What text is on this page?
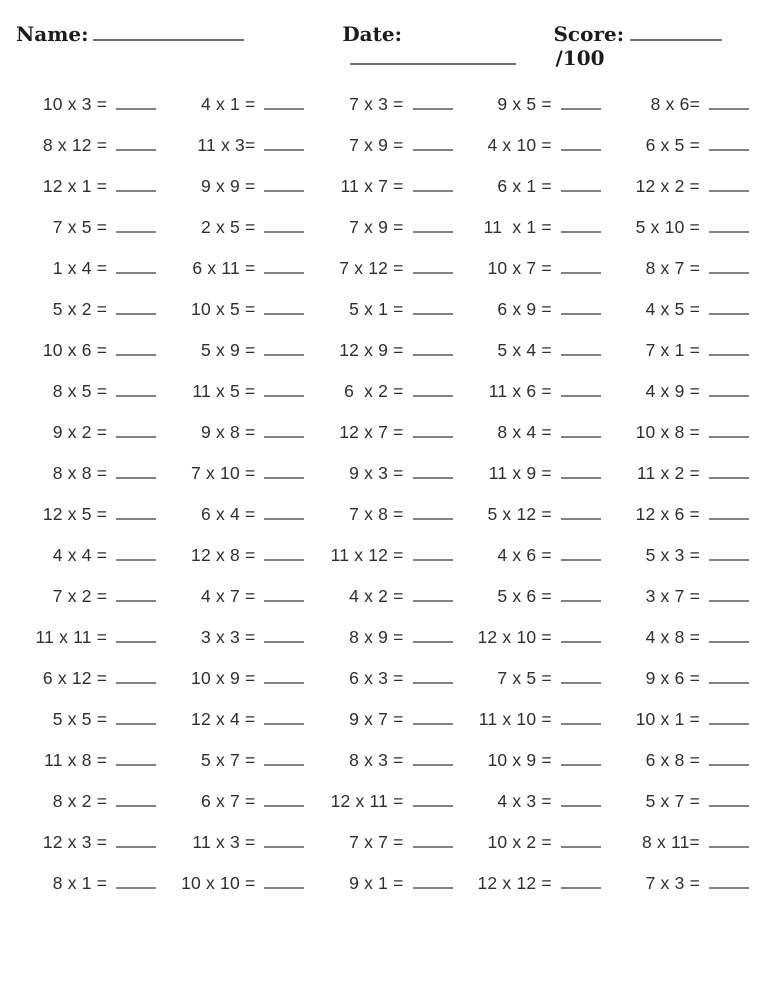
Name:	Date:	Score:/100
10 x 3 =	4 x 1 =	7 x 3 =	9 x 5 =	8 x 6=
8 x 12 =	11 x 3=	7 x 9 =	4 x 10 =	6 x 5 =
12 x 1 =	9 x 9 =	11 x 7 =	6 x 1 =	12 x 2 =
7 x 5 =	2 x 5 =	7 x 9 =	11  x 1 =	5 x 10 =
1 x 4 =	6 x 11 =	7 x 12 =	10 x 7 =	8 x 7 =
5 x 2 =	10 x 5 =	5 x 1 =	6 x 9 =	4 x 5 =
10 x 6 =	5 x 9 =	12 x 9 =	5 x 4 =	7 x 1 =
8 x 5 =	11 x 5 =	6  x 2 =	11 x 6 =	4 x 9 =
9 x 2 =	9 x 8 =	12 x 7 =	8 x 4 =	10 x 8 =
8 x 8 =	7 x 10 =	9 x 3 =	11 x 9 =	11 x 2 =
12 x 5 =	6 x 4 =	7 x 8 =	5 x 12 =	12 x 6 =
4 x 4 =	12 x 8 =	11 x 12 =	4 x 6 =	5 x 3 =
7 x 2 =	4 x 7 =	4 x 2 =	5 x 6 =	3 x 7 =
11 x 11 =	3 x 3 =	8 x 9 =	12 x 10 =	4 x 8 =
6 x 12 =	10 x 9 =	6 x 3 =	7 x 5 =	9 x 6 =
5 x 5 =	12 x 4 =	9 x 7 =	11 x 10 =	10 x 1 =
11 x 8 =	5 x 7 =	8 x 3 =	10 x 9 =	6 x 8 =
8 x 2 =	6 x 7 =	12 x 11 =	4 x 3 =	5 x 7 =
12 x 3 =	11 x 3 =	7 x 7 =	10 x 2 =	8 x 11=
8 x 1 =	10 x 10 =	9 x 1 =	12 x 12 =	7 x 3 =
